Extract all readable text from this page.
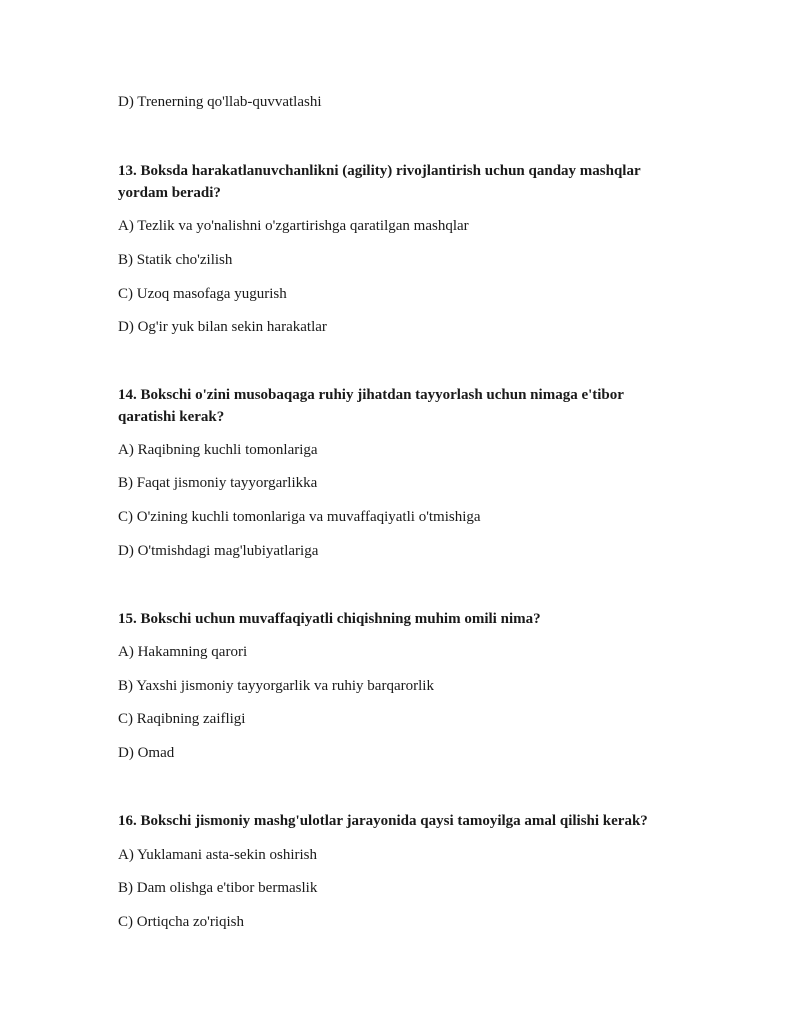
D) Trenerning qo'llab-quvvatlashi

13. Boksda harakatlanuvchanlikni (agility) rivojlantirish uchun qanday mashqlar yordam beradi?

A) Tezlik va yo'nalishni o'zgartirishga qaratilgan mashqlar

B) Statik cho'zilish

C) Uzoq masofaga yugurish

D) Og'ir yuk bilan sekin harakatlar

14. Bokschi o'zini musobaqaga ruhiy jihatdan tayyorlash uchun nimaga e'tibor qaratishi kerak?

A) Raqibning kuchli tomonlariga

B) Faqat jismoniy tayyorgarlikka

C) O'zining kuchli tomonlariga va muvaffaqiyatli o'tmishiga

D) O'tmishdagi mag'lubiyatlariga

15. Bokschi uchun muvaffaqiyatli chiqishning muhim omili nima?

A) Hakamning qarori

B) Yaxshi jismoniy tayyorgarlik va ruhiy barqarorlik

C) Raqibning zaifligi

D) Omad

16. Bokschi jismoniy mashg'ulotlar jarayonida qaysi tamoyilga amal qilishi kerak?

A) Yuklamani asta-sekin oshirish

B) Dam olishga e'tibor bermaslik

C) Ortiqcha zo'riqish
